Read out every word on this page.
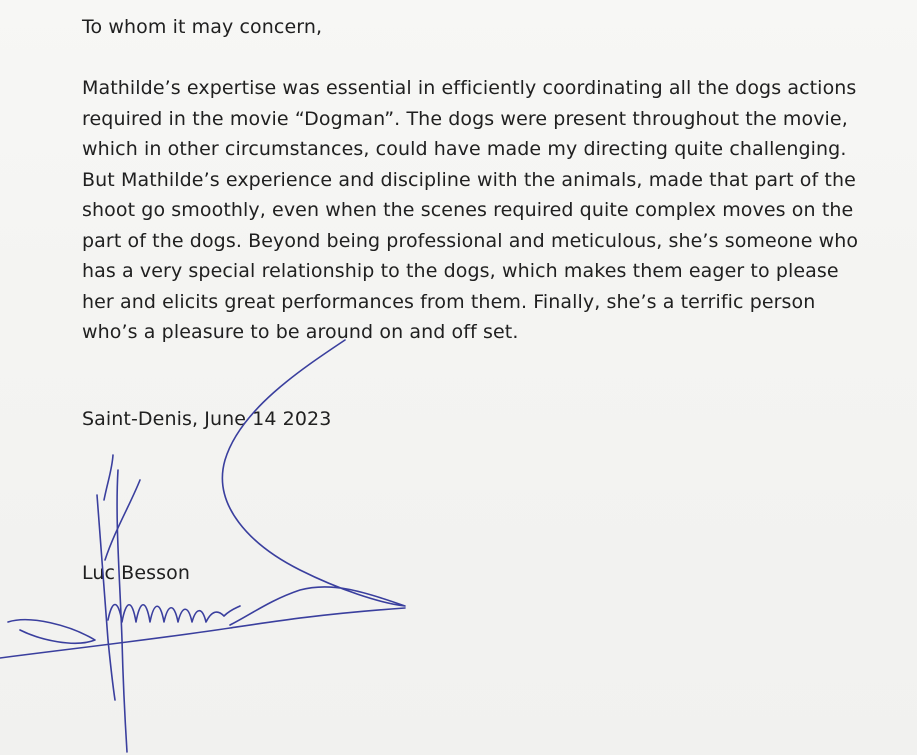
To whom it may concern,

Mathilde’s expertise was essential in efficiently coordinating all the dogs actions

required in the movie “Dogman”. The dogs were present throughout the movie,

which in other circumstances, could have made my directing quite challenging.

But Mathilde’s experience and discipline with the animals, made that part of the

shoot go smoothly, even when the scenes required quite complex moves on the

part of the dogs. Beyond being professional and meticulous, she’s someone who

has a very special relationship to the dogs, which makes them eager to please

her and elicits great performances from them. Finally, she’s a terrific person

who’s a pleasure to be around on and off set.

Saint-Denis, June 14 2023
Luc Besson
